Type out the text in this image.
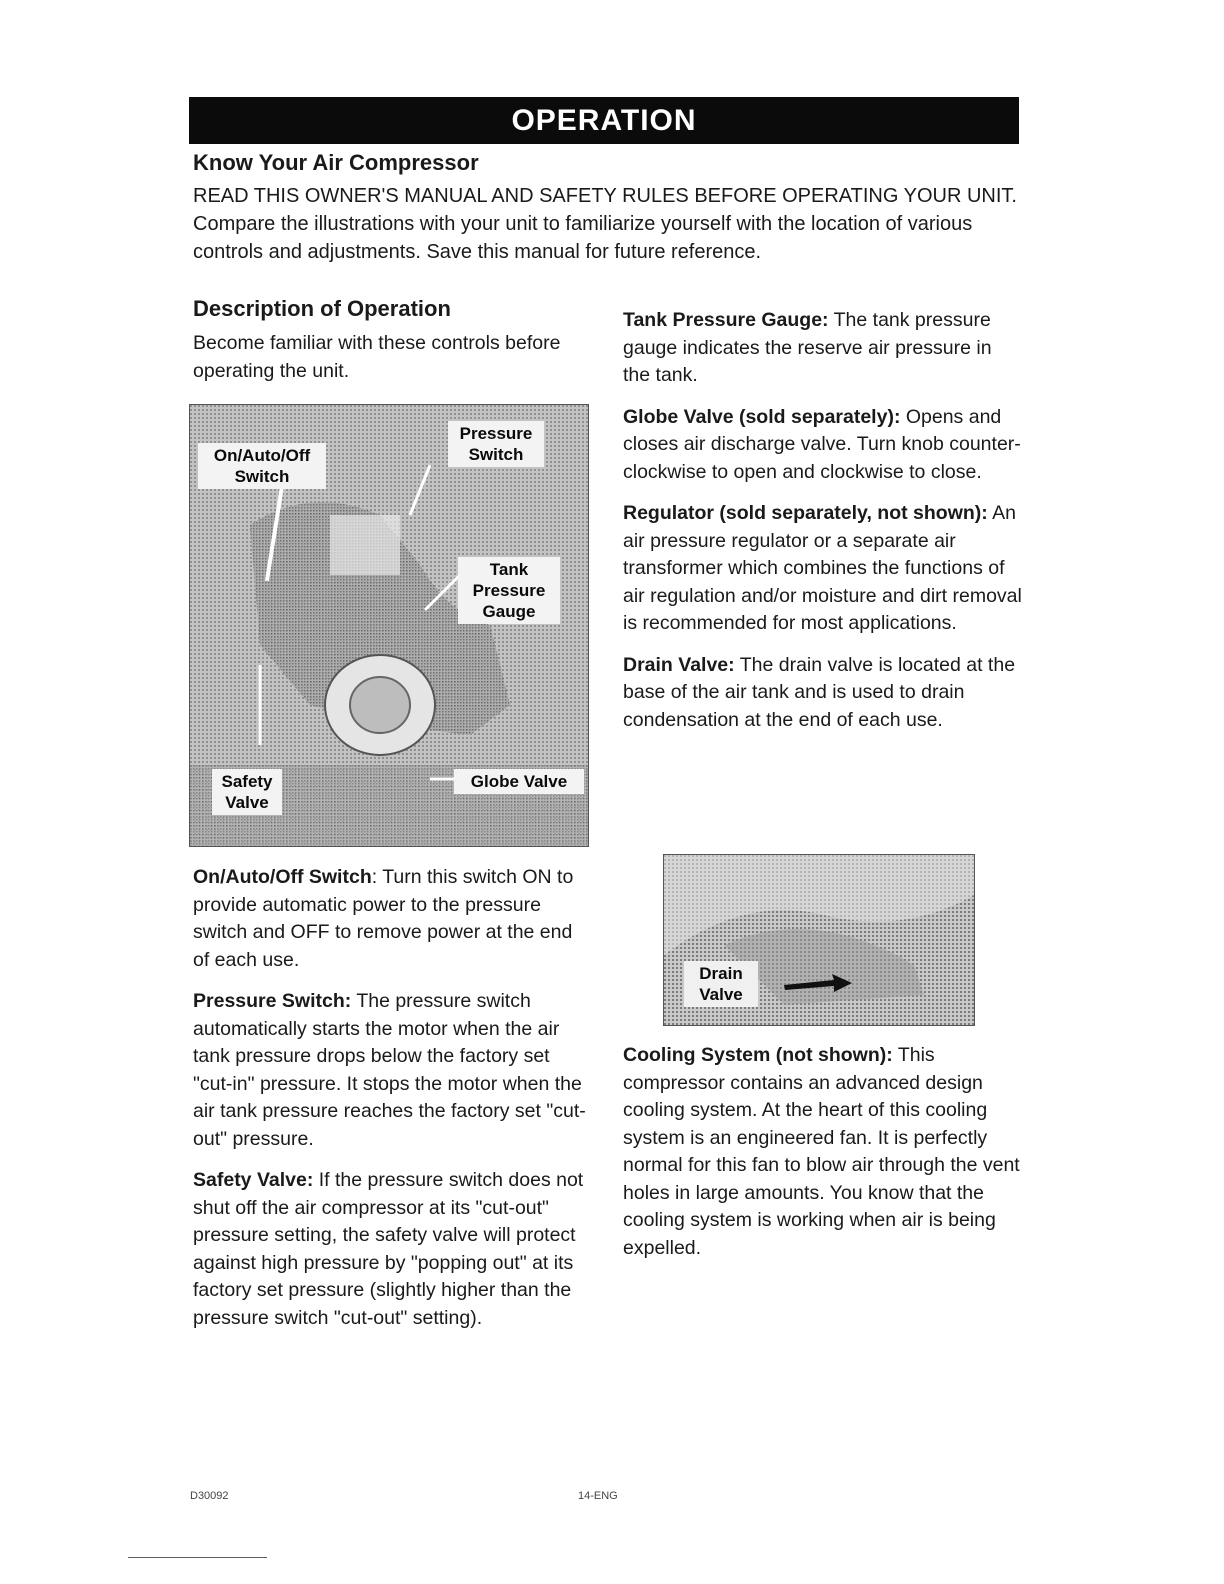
OPERATION
Know Your Air Compressor

READ THIS OWNER'S MANUAL AND SAFETY RULES BEFORE OPERATING YOUR UNIT. Compare the illustrations with your unit to familiarize yourself with the location of various controls and adjustments. Save this manual for future reference.

Description of Operation

Become familiar with these controls before operating the unit.

On/Auto/Off Switch
Pressure Switch
Tank Pressure Gauge
Safety Valve
Globe Valve

On/Auto/Off Switch: Turn this switch ON to provide automatic power to the pressure switch and OFF to remove power at the end of each use.

Pressure Switch: The pressure switch automatically starts the motor when the air tank pressure drops below the factory set "cut-in" pressure. It stops the motor when the air tank pressure reaches the factory set "cut-out" pressure.

Safety Valve: If the pressure switch does not shut off the air compressor at its "cut-out" pressure setting, the safety valve will protect against high pressure by "popping out" at its factory set pressure (slightly higher than the pressure switch "cut-out" setting).

Tank Pressure Gauge: The tank pressure gauge indicates the reserve air pressure in the tank.

Globe Valve (sold separately): Opens and closes air discharge valve. Turn knob counter-clockwise to open and clockwise to close.

Regulator (sold separately, not shown): An air pressure regulator or a separate air transformer which combines the functions of air regulation and/or moisture and dirt removal is recommended for most applications.

Drain Valve: The drain valve is located at the base of the air tank and is used to drain condensation at the end of each use.

Drain Valve

Cooling System (not shown): This compressor contains an advanced design cooling system. At the heart of this cooling system is an engineered fan. It is perfectly normal for this fan to blow air through the vent holes in large amounts. You know that the cooling system is working when air is being expelled.

D30092	14-ENG
